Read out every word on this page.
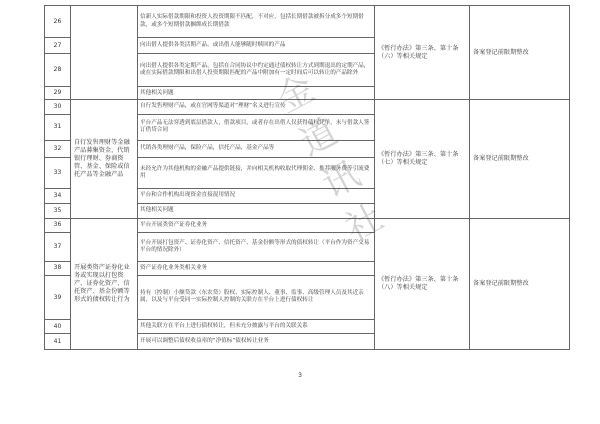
26		信新人实际借款期限和投资人投资期限不匹配，不对应，包括长期借款被拆分成多个短期借款，或多个短期借款捆绑成长期借款	《暂行办法》第三条、第十条（六）等相关规定	备案登记前限期整改
27		向出借人提供各类活期产品，或出借人能够随时赎回的产品		
28		向出借人提供各类定期产品，包括在合同协议中约定通过债权转让方式到期退出的定期产品，或在实际借款期限和出借人投资期限匹配的产品中附加有一定时间后可以转让的产品除外		
29		其他相关问题		
30	自行发售理财等金融产品募集资金，代销银行理财、券商资管、基金、保险或信托产品等金融产品	自行发售理财产品，或在官网等渠道对“理财”名义进行宣传	《暂行办法》第三条、第十条（七）等相关规定	备案登记前限期整改
31		平台产品无法穿透到底层借款人，借款项目，或者存在出借人仅获得债权凭单，未与借款人签订借贷合同		
32		代销各类理财产品，保险产品，信托产品，基金产品等		
33		未经允许为其他机构的金融产品提供链接，并向相关机构收取代理佣金、推荐服务费等引流费用		
34		平台和合作机构出现资金直接混用情况		
35		其他相关问题		
36	开展类资产证券化业务或实现以打包资产、证券化资产、信托资产、基金份额等形式的债权转让行为	平台开展类资产证券化业务	《暂行办法》第三条、第十条（八）等相关规定	备案登记前限期整改
37		平台开展打包资产、证券化资产、信托资产、基金份额等形式的债权转让（平台作为资产交易平台的情况除外）		
38		资产证券化业务类相关业务		
39		持有（控制）小额贷款（东农贷）股权、实际控制人、董事、监事、高级管理人员及其近亲属，以及与平台受同一实际控制人控制的关联方在平台上进行债权转让		
40		其他关联方在平台上进行债权转让，但未充分披露与平台的关联关系		
41		开展可以调整后债权收益率的“净值标”债权转让业务		
金道讯社
3
